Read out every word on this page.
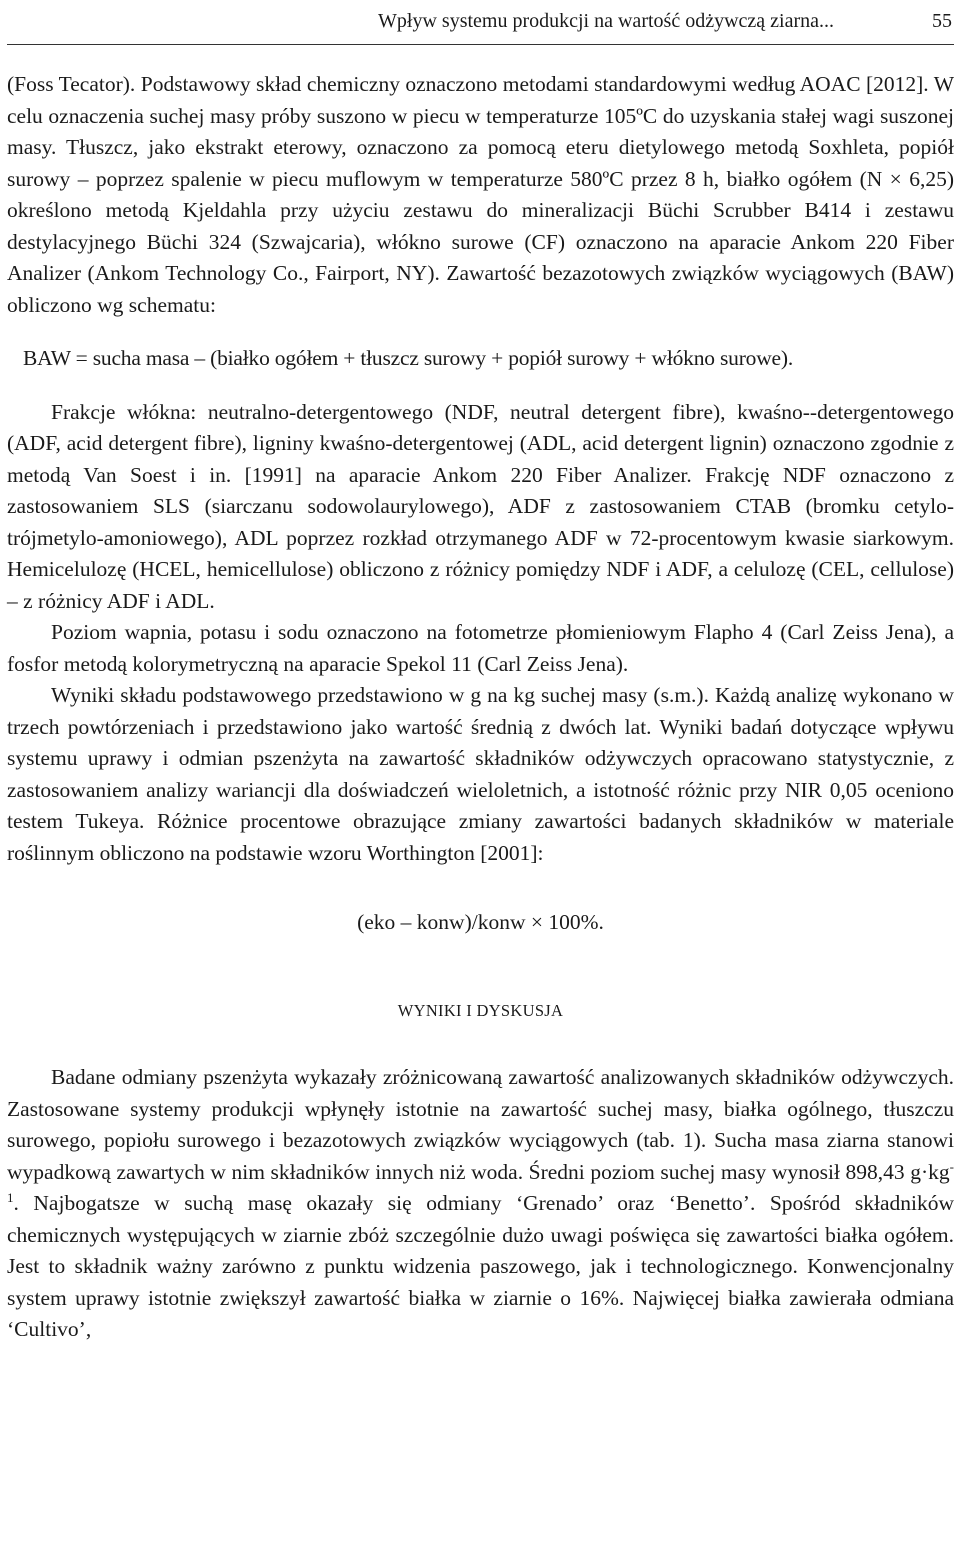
Wpływ systemu produkcji na wartość odżywczą ziarna...	55

(Foss Tecator). Podstawowy skład chemiczny oznaczono metodami standardowymi według AOAC [2012]. W celu oznaczenia suchej masy próby suszono w piecu w temperaturze 105ºC do uzyskania stałej wagi suszonej masy. Tłuszcz, jako ekstrakt eterowy, oznaczono za pomocą eteru dietylowego metodą Soxhleta, popiół surowy – poprzez spalenie w piecu muflowym w temperaturze 580ºC przez 8 h, białko ogółem (N × 6,25) określono metodą Kjeldahla przy użyciu zestawu do mineralizacji Büchi Scrubber B414 i zestawu destylacyjnego Büchi 324 (Szwajcaria), włókno surowe (CF) oznaczono na aparacie Ankom 220 Fiber Analizer (Ankom Technology Co., Fairport, NY). Zawartość bezazotowych związków wyciągowych (BAW) obliczono wg schematu:

BAW = sucha masa – (białko ogółem + tłuszcz surowy + popiół surowy + włókno surowe).

Frakcje włókna: neutralno-detergentowego (NDF, neutral detergent fibre), kwaśno--detergentowego (ADF, acid detergent fibre), ligniny kwaśno-detergentowej (ADL, acid detergent lignin) oznaczono zgodnie z metodą Van Soest i in. [1991] na aparacie Ankom 220 Fiber Analizer. Frakcję NDF oznaczono z zastosowaniem SLS (siarczanu sodowolaurylowego), ADF z zastosowaniem CTAB (bromku cetylo-trójmetylo-amoniowego), ADL poprzez rozkład otrzymanego ADF w 72-procentowym kwasie siarkowym. Hemicelulozę (HCEL, hemicellulose) obliczono z różnicy pomiędzy NDF i ADF, a celulozę (CEL, cellulose) – z różnicy ADF i ADL.

Poziom wapnia, potasu i sodu oznaczono na fotometrze płomieniowym Flapho 4 (Carl Zeiss Jena), a fosfor metodą kolorymetryczną na aparacie Spekol 11 (Carl Zeiss Jena).

Wyniki składu podstawowego przedstawiono w g na kg suchej masy (s.m.). Każdą analizę wykonano w trzech powtórzeniach i przedstawiono jako wartość średnią z dwóch lat. Wyniki badań dotyczące wpływu systemu uprawy i odmian pszenżyta na zawartość składników odżywczych opracowano statystycznie, z zastosowaniem analizy wariancji dla doświadczeń wieloletnich, a istotność różnic przy NIR 0,05 oceniono testem Tukeya. Różnice procentowe obrazujące zmiany zawartości badanych składników w materiale roślinnym obliczono na podstawie wzoru Worthington [2001]:

(eko – konw)/konw × 100%.
WYNIKI I DYSKUSJA

Badane odmiany pszenżyta wykazały zróżnicowaną zawartość analizowanych składników odżywczych. Zastosowane systemy produkcji wpłynęły istotnie na zawartość suchej masy, białka ogólnego, tłuszczu surowego, popiołu surowego i bezazotowych związków wyciągowych (tab. 1). Sucha masa ziarna stanowi wypadkową zawartych w nim składników innych niż woda. Średni poziom suchej masy wynosił 898,43 $g\cdot kg^{-1}$. Najbogatsze w suchą masę okazały się odmiany ‘Grenado’ oraz ‘Benetto’. Spośród składników chemicznych występujących w ziarnie zbóż szczególnie dużo uwagi poświęca się zawartości białka ogółem. Jest to składnik ważny zarówno z punktu widzenia paszowego, jak i technologicznego. Konwencjonalny system uprawy istotnie zwiększył zawartość białka w ziarnie o 16%. Najwięcej białka zawierała odmiana ‘Cultivo’,
